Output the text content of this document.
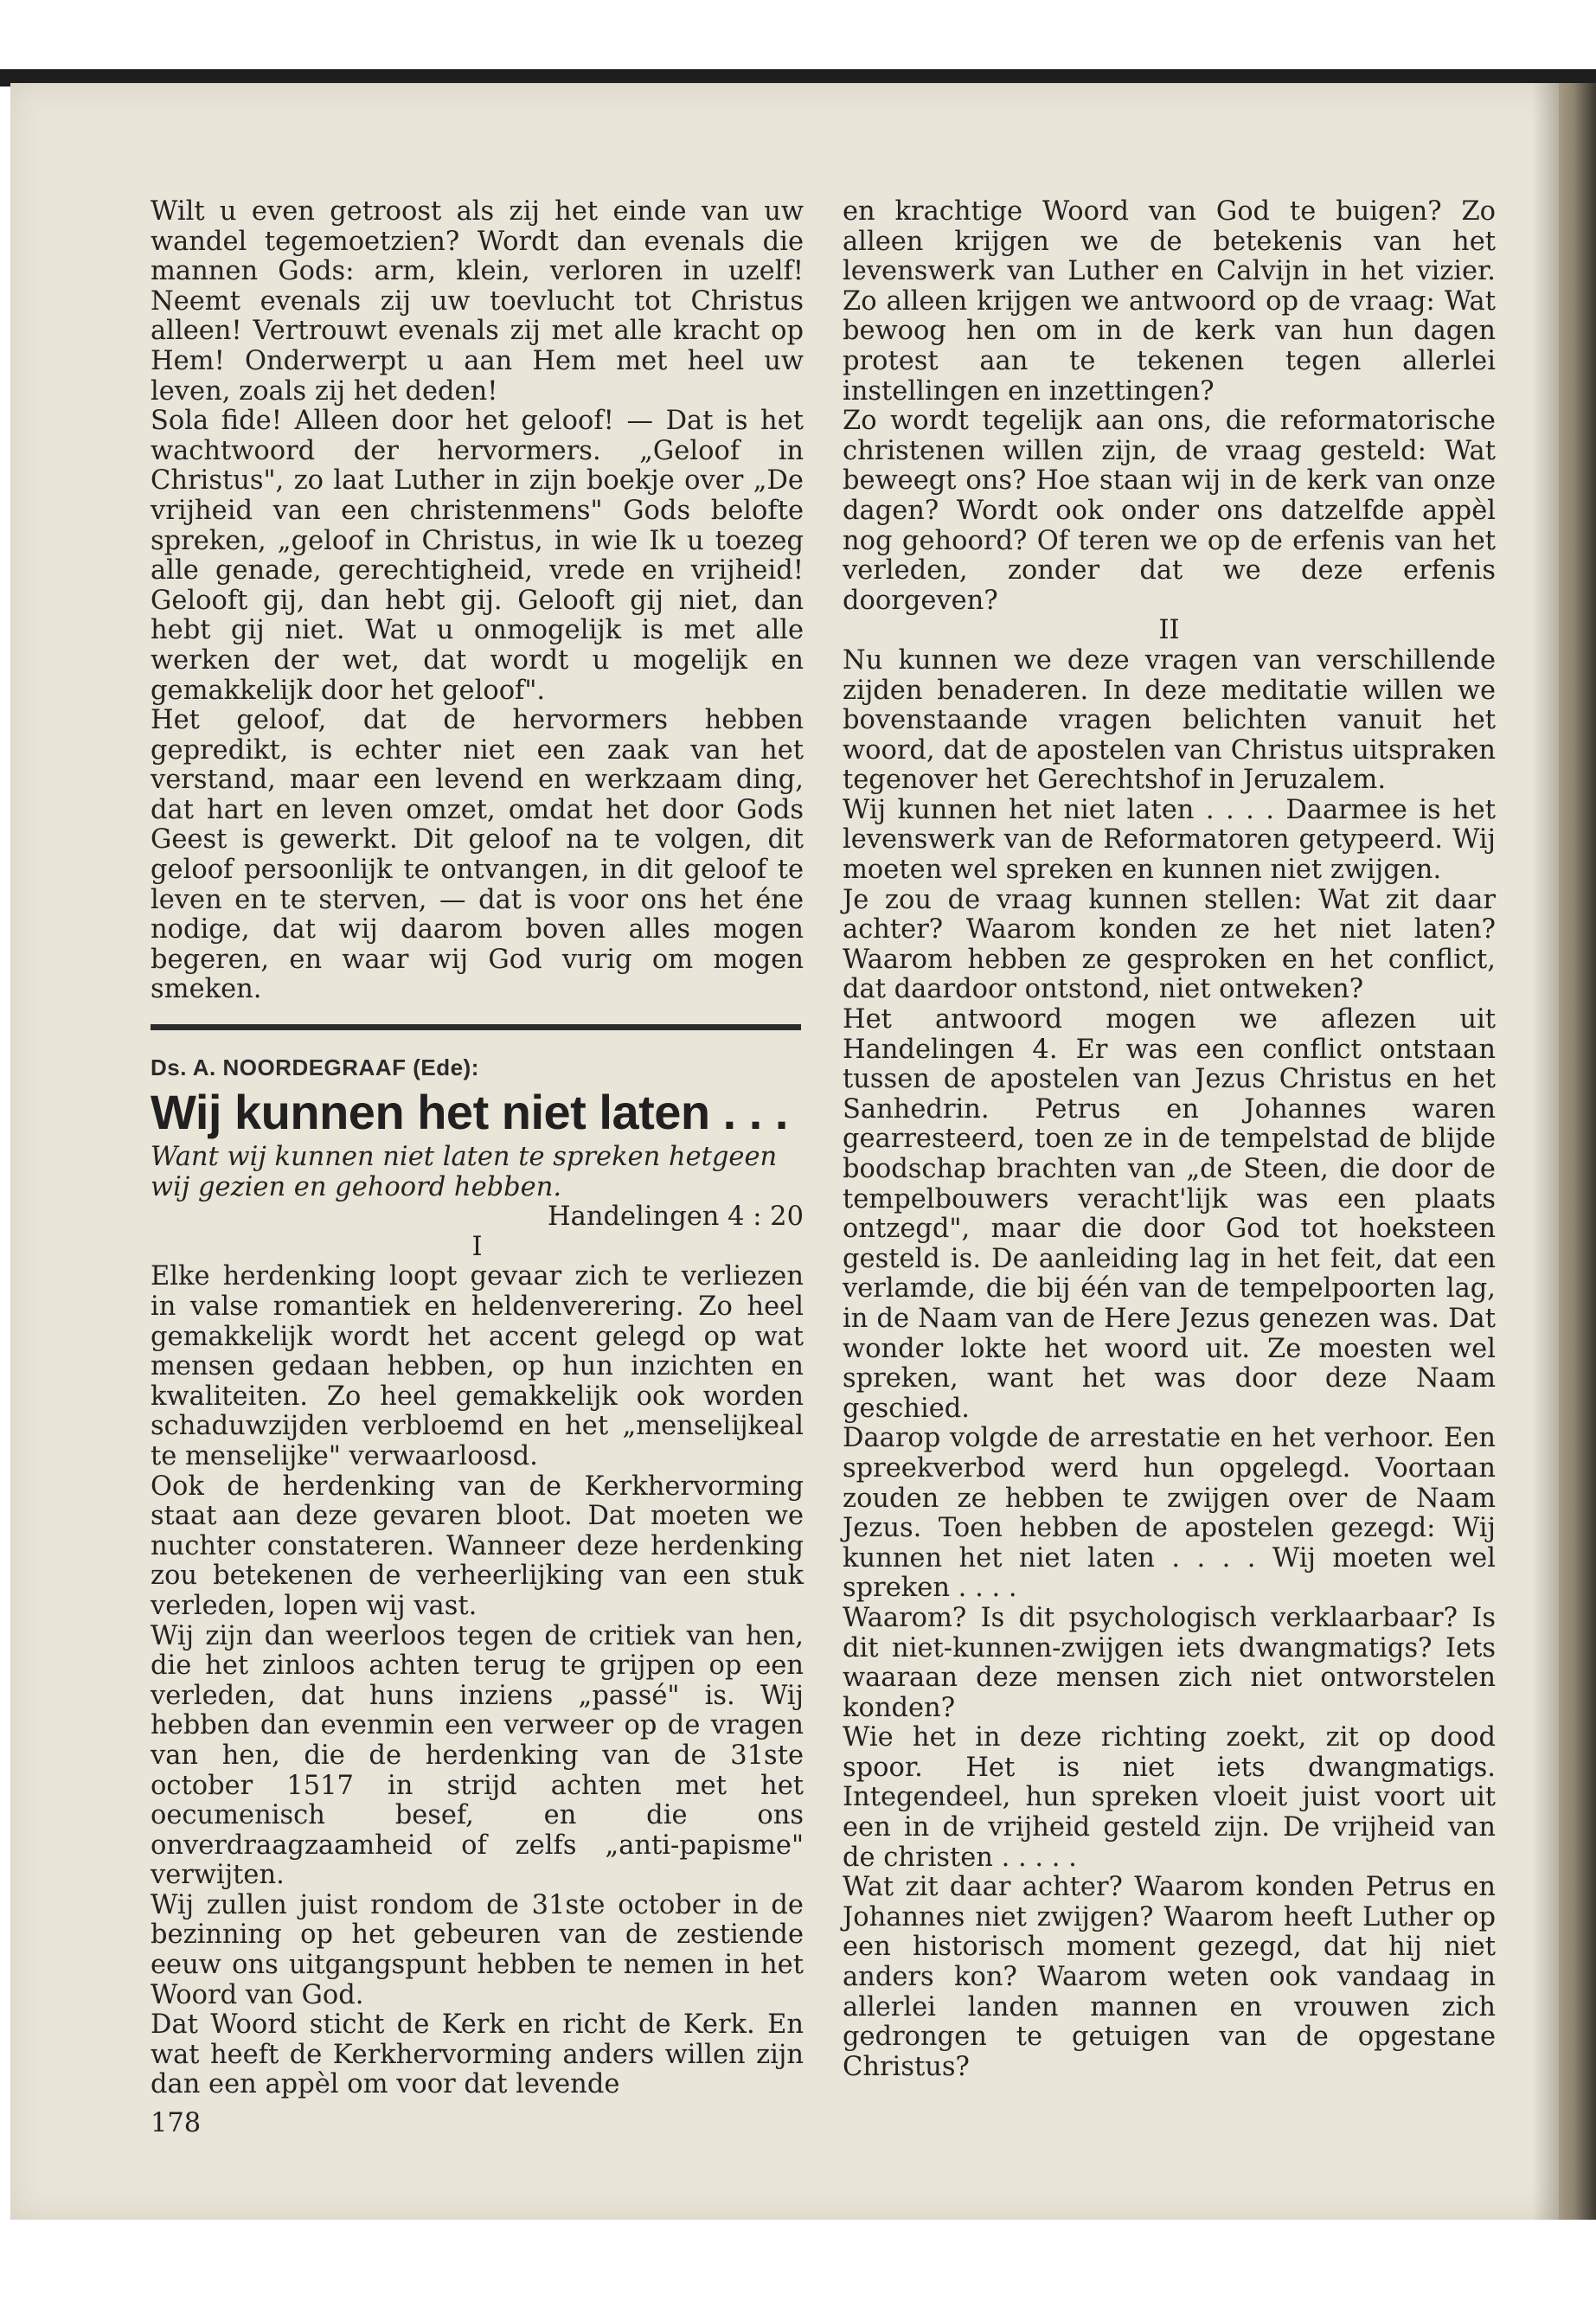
Wilt u even getroost als zij het einde van uw wandel tegemoetzien? Wordt dan evenals die mannen Gods: arm, klein, verloren in uzelf! Neemt evenals zij uw toevlucht tot Christus alleen! Vertrouwt evenals zij met alle kracht op Hem! Onderwerpt u aan Hem met heel uw leven, zoals zij het deden!

Sola fide! Alleen door het geloof! — Dat is het wachtwoord der hervormers. „Geloof in Christus", zo laat Luther in zijn boekje over „De vrijheid van een christenmens" Gods belofte spreken, „geloof in Christus, in wie Ik u toezeg alle genade, gerechtigheid, vrede en vrijheid! Gelooft gij, dan hebt gij. Gelooft gij niet, dan hebt gij niet. Wat u onmogelijk is met alle werken der wet, dat wordt u mogelijk en gemakkelijk door het geloof".

Het geloof, dat de hervormers hebben gepredikt, is echter niet een zaak van het verstand, maar een levend en werkzaam ding, dat hart en leven omzet, omdat het door Gods Geest is gewerkt. Dit geloof na te volgen, dit geloof persoonlijk te ontvangen, in dit geloof te leven en te sterven, — dat is voor ons het éne nodige, dat wij daarom boven alles mogen begeren, en waar wij God vurig om mogen smeken.

Ds. A. NOORDEGRAAF (Ede):

Wij kunnen het niet laten . . .

Want wij kunnen niet laten te spreken hetgeen wij gezien en gehoord hebben.

Handelingen 4 : 20

I

Elke herdenking loopt gevaar zich te verliezen in valse romantiek en heldenverering. Zo heel gemakkelijk wordt het accent gelegd op wat mensen gedaan hebben, op hun inzichten en kwaliteiten. Zo heel gemakkelijk ook worden schaduwzijden verbloemd en het „menselijkeal te menselijke" verwaarloosd.

Ook de herdenking van de Kerkhervorming staat aan deze gevaren bloot. Dat moeten we nuchter constateren. Wanneer deze herdenking zou betekenen de verheerlijking van een stuk verleden, lopen wij vast.

Wij zijn dan weerloos tegen de critiek van hen, die het zinloos achten terug te grijpen op een verleden, dat huns inziens „passé" is. Wij hebben dan evenmin een verweer op de vragen van hen, die de herdenking van de 31ste october 1517 in strijd achten met het oecumenisch besef, en die ons onverdraagzaamheid of zelfs „anti-papisme" verwijten.

Wij zullen juist rondom de 31ste october in de bezinning op het gebeuren van de zestiende eeuw ons uitgangspunt hebben te nemen in het Woord van God.

Dat Woord sticht de Kerk en richt de Kerk. En wat heeft de Kerkhervorming anders willen zijn dan een appèl om voor dat levende

178

en krachtige Woord van God te buigen? Zo alleen krijgen we de betekenis van het levenswerk van Luther en Calvijn in het vizier. Zo alleen krijgen we antwoord op de vraag: Wat bewoog hen om in de kerk van hun dagen protest aan te tekenen tegen allerlei instellingen en inzettingen?

Zo wordt tegelijk aan ons, die reformatorische christenen willen zijn, de vraag gesteld: Wat beweegt ons? Hoe staan wij in de kerk van onze dagen? Wordt ook onder ons datzelfde appèl nog gehoord? Of teren we op de erfenis van het verleden, zonder dat we deze erfenis doorgeven?

II

Nu kunnen we deze vragen van verschillende zijden benaderen. In deze meditatie willen we bovenstaande vragen belichten vanuit het woord, dat de apostelen van Christus uitspraken tegenover het Gerechtshof in Jeruzalem.

Wij kunnen het niet laten . . . . Daarmee is het levenswerk van de Reformatoren getypeerd. Wij moeten wel spreken en kunnen niet zwijgen.

Je zou de vraag kunnen stellen: Wat zit daar achter? Waarom konden ze het niet laten? Waarom hebben ze gesproken en het conflict, dat daardoor ontstond, niet ontweken?

Het antwoord mogen we aflezen uit Handelingen 4. Er was een conflict ontstaan tussen de apostelen van Jezus Christus en het Sanhedrin. Petrus en Johannes waren gearresteerd, toen ze in de tempelstad de blijde boodschap brachten van „de Steen, die door de tempelbouwers veracht'lijk was een plaats ontzegd", maar die door God tot hoeksteen gesteld is. De aanleiding lag in het feit, dat een verlamde, die bij één van de tempelpoorten lag, in de Naam van de Here Jezus genezen was. Dat wonder lokte het woord uit. Ze moesten wel spreken, want het was door deze Naam geschied.

Daarop volgde de arrestatie en het verhoor. Een spreekverbod werd hun opgelegd. Voortaan zouden ze hebben te zwijgen over de Naam Jezus. Toen hebben de apostelen gezegd: Wij kunnen het niet laten . . . . Wij moeten wel spreken . . . .

Waarom? Is dit psychologisch verklaarbaar? Is dit niet-kunnen-zwijgen iets dwangmatigs? Iets waaraan deze mensen zich niet ontworstelen konden?

Wie het in deze richting zoekt, zit op dood spoor. Het is niet iets dwangmatigs. Integendeel, hun spreken vloeit juist voort uit een in de vrijheid gesteld zijn. De vrijheid van de christen . . . . .

Wat zit daar achter? Waarom konden Petrus en Johannes niet zwijgen? Waarom heeft Luther op een historisch moment gezegd, dat hij niet anders kon? Waarom weten ook vandaag in allerlei landen mannen en vrouwen zich gedrongen te getuigen van de opgestane Christus?
